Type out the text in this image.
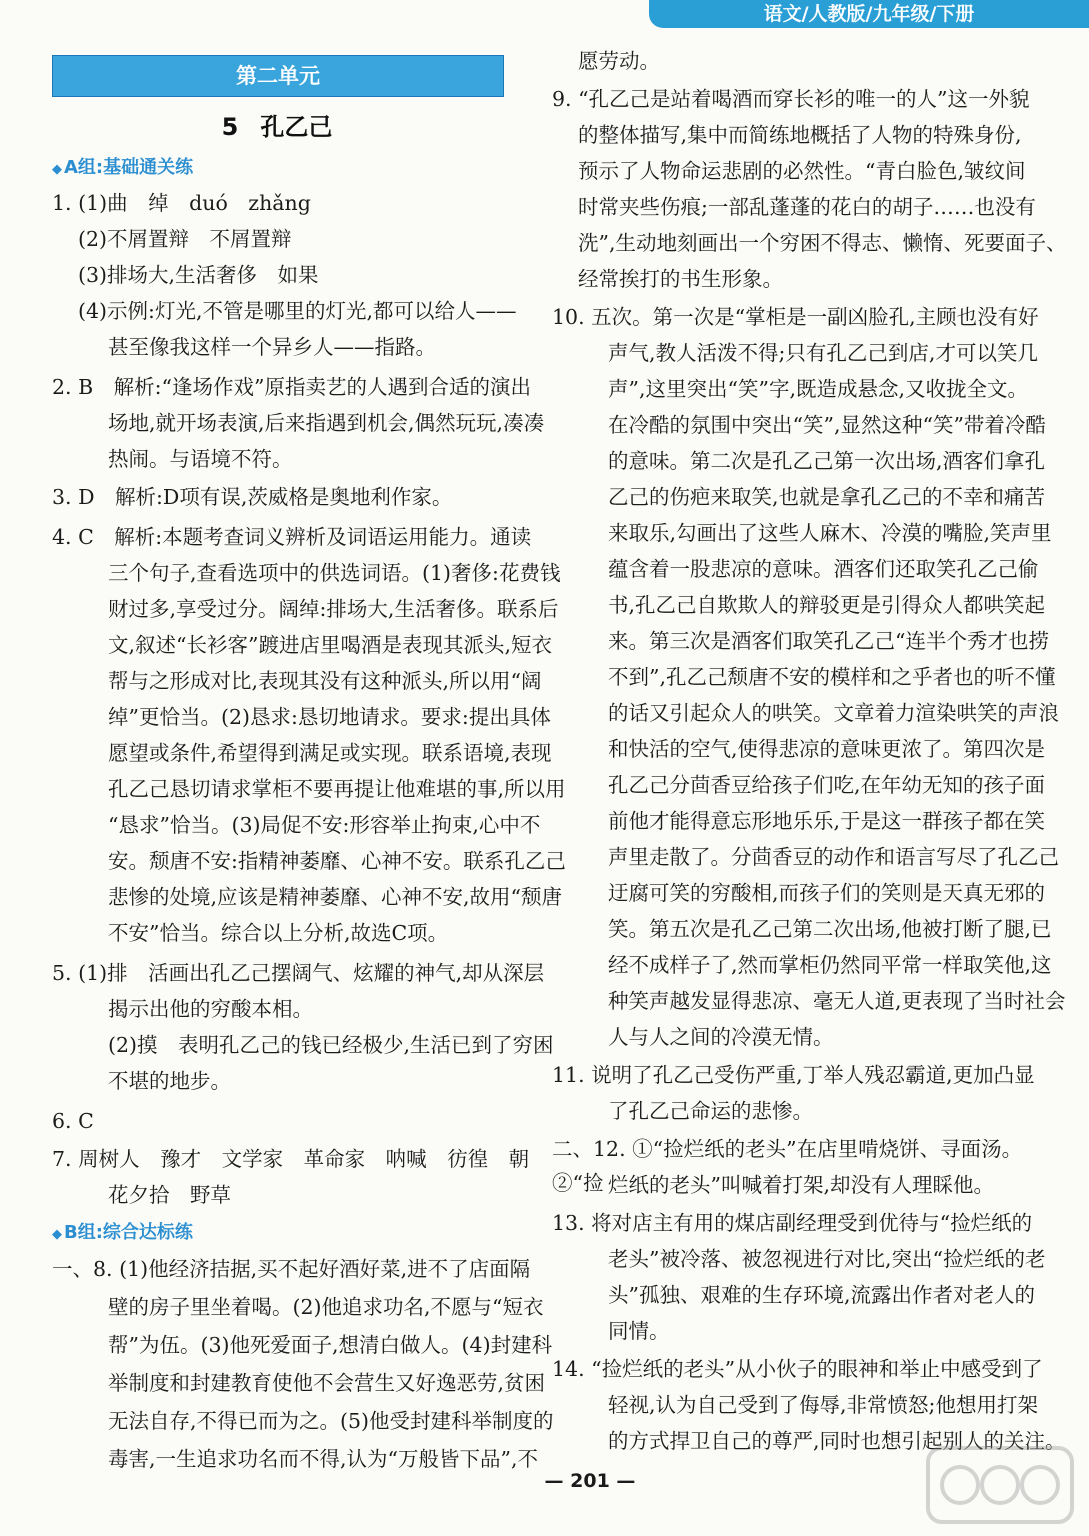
语文/人教版/九年级/下册
第二单元
5 孔乙己
◆ A组:基础通关练
1. (1)曲　绰　duó　zhǎng
(2)不屑置辩　不屑置辩
(3)排场大,生活奢侈　如果
(4)示例:灯光,不管是哪里的灯光,都可以给人——
甚至像我这样一个异乡人——指路。
2. B　解析:“逢场作戏”原指卖艺的人遇到合适的演出
场地,就开场表演,后来指遇到机会,偶然玩玩,凑凑
热闹。与语境不符。
3. D　解析:D项有误,茨威格是奥地利作家。
4. C　解析:本题考查词义辨析及词语运用能力。通读
三个句子,查看选项中的供选词语。(1)奢侈:花费钱
财过多,享受过分。阔绰:排场大,生活奢侈。联系后
文,叙述“长衫客”踱进店里喝酒是表现其派头,短衣
帮与之形成对比,表现其没有这种派头,所以用“阔
绰”更恰当。(2)恳求:恳切地请求。要求:提出具体
愿望或条件,希望得到满足或实现。联系语境,表现
孔乙己恳切请求掌柜不要再提让他难堪的事,所以用
“恳求”恰当。(3)局促不安:形容举止拘束,心中不
安。颓唐不安:指精神萎靡、心神不安。联系孔乙己
悲惨的处境,应该是精神萎靡、心神不安,故用“颓唐
不安”恰当。综合以上分析,故选C项。
5. (1)排　活画出孔乙己摆阔气、炫耀的神气,却从深层
揭示出他的穷酸本相。
(2)摸　表明孔乙己的钱已经极少,生活已到了穷困
不堪的地步。
6. C
7. 周树人　豫才　文学家　革命家　呐喊　彷徨　朝
花夕拾　野草
一、8. (1)他经济拮据,买不起好酒好菜,进不了店面隔
壁的房子里坐着喝。(2)他追求功名,不愿与“短衣
帮”为伍。(3)他死爱面子,想清白做人。(4)封建科
举制度和封建教育使他不会营生又好逸恶劳,贫困
无法自存,不得已而为之。(5)他受封建科举制度的
毒害,一生追求功名而不得,认为“万般皆下品”,不
◆ B组:综合达标练
愿劳动。
9. “孔乙己是站着喝酒而穿长衫的唯一的人”这一外貌
的整体描写,集中而简练地概括了人物的特殊身份,
预示了人物命运悲剧的必然性。“青白脸色,皱纹间
时常夹些伤痕;一部乱蓬蓬的花白的胡子……也没有
洗”,生动地刻画出一个穷困不得志、懒惰、死要面子、
经常挨打的书生形象。
10. 五次。第一次是“掌柜是一副凶脸孔,主顾也没有好
声气,教人活泼不得;只有孔乙己到店,才可以笑几
声”,这里突出“笑”字,既造成悬念,又收拢全文。
在冷酷的氛围中突出“笑”,显然这种“笑”带着冷酷
的意味。第二次是孔乙己第一次出场,酒客们拿孔
乙己的伤疤来取笑,也就是拿孔乙己的不幸和痛苦
来取乐,勾画出了这些人麻木、冷漠的嘴脸,笑声里
蕴含着一股悲凉的意味。酒客们还取笑孔乙己偷
书,孔乙己自欺欺人的辩驳更是引得众人都哄笑起
来。第三次是酒客们取笑孔乙己“连半个秀才也捞
不到”,孔乙己颓唐不安的模样和之乎者也的听不懂
的话又引起众人的哄笑。文章着力渲染哄笑的声浪
和快活的空气,使得悲凉的意味更浓了。第四次是
孔乙己分茴香豆给孩子们吃,在年幼无知的孩子面
前他才能得意忘形地乐乐,于是这一群孩子都在笑
声里走散了。分茴香豆的动作和语言写尽了孔乙己
迂腐可笑的穷酸相,而孩子们的笑则是天真无邪的
笑。第五次是孔乙己第二次出场,他被打断了腿,已
经不成样子了,然而掌柜仍然同平常一样取笑他,这
种笑声越发显得悲凉、毫无人道,更表现了当时社会
人与人之间的冷漠无情。
11. 说明了孔乙己受伤严重,丁举人残忍霸道,更加凸显
了孔乙己命运的悲惨。
二、12. ①“捡烂纸的老头”在店里啃烧饼、寻面汤。②“捡 烂纸的老头”叫喊着打架,却没有人理睬他。
13. 将对店主有用的煤店副经理受到优待与“捡烂纸的
老头”被冷落、被忽视进行对比,突出“捡烂纸的老
头”孤独、艰难的生存环境,流露出作者对老人的
同情。
14. “捡烂纸的老头”从小伙子的眼神和举止中感受到了
轻视,认为自己受到了侮辱,非常愤怒;他想用打架
的方式捍卫自己的尊严,同时也想引起别人的关注。
— 201 —
